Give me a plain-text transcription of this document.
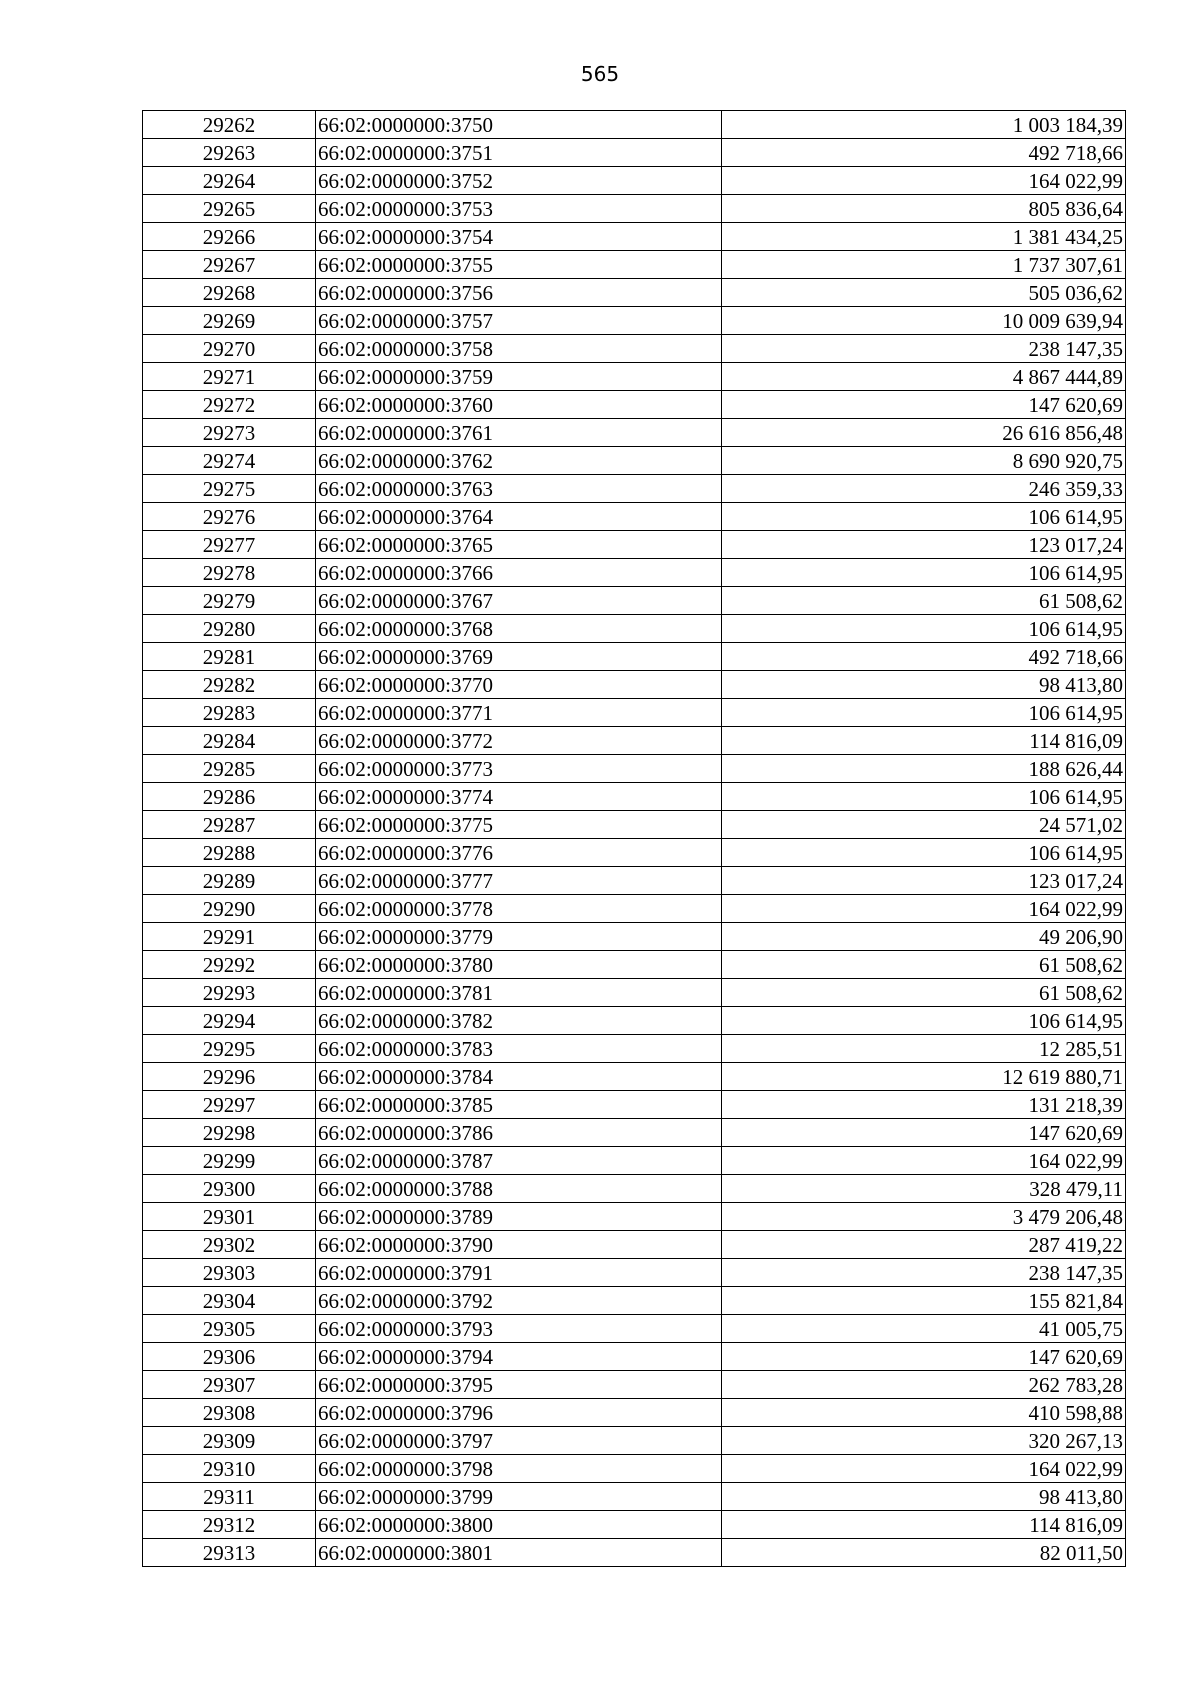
565
29262	66:02:0000000:3750	1 003 184,39
29263	66:02:0000000:3751	492 718,66
29264	66:02:0000000:3752	164 022,99
29265	66:02:0000000:3753	805 836,64
29266	66:02:0000000:3754	1 381 434,25
29267	66:02:0000000:3755	1 737 307,61
29268	66:02:0000000:3756	505 036,62
29269	66:02:0000000:3757	10 009 639,94
29270	66:02:0000000:3758	238 147,35
29271	66:02:0000000:3759	4 867 444,89
29272	66:02:0000000:3760	147 620,69
29273	66:02:0000000:3761	26 616 856,48
29274	66:02:0000000:3762	8 690 920,75
29275	66:02:0000000:3763	246 359,33
29276	66:02:0000000:3764	106 614,95
29277	66:02:0000000:3765	123 017,24
29278	66:02:0000000:3766	106 614,95
29279	66:02:0000000:3767	61 508,62
29280	66:02:0000000:3768	106 614,95
29281	66:02:0000000:3769	492 718,66
29282	66:02:0000000:3770	98 413,80
29283	66:02:0000000:3771	106 614,95
29284	66:02:0000000:3772	114 816,09
29285	66:02:0000000:3773	188 626,44
29286	66:02:0000000:3774	106 614,95
29287	66:02:0000000:3775	24 571,02
29288	66:02:0000000:3776	106 614,95
29289	66:02:0000000:3777	123 017,24
29290	66:02:0000000:3778	164 022,99
29291	66:02:0000000:3779	49 206,90
29292	66:02:0000000:3780	61 508,62
29293	66:02:0000000:3781	61 508,62
29294	66:02:0000000:3782	106 614,95
29295	66:02:0000000:3783	12 285,51
29296	66:02:0000000:3784	12 619 880,71
29297	66:02:0000000:3785	131 218,39
29298	66:02:0000000:3786	147 620,69
29299	66:02:0000000:3787	164 022,99
29300	66:02:0000000:3788	328 479,11
29301	66:02:0000000:3789	3 479 206,48
29302	66:02:0000000:3790	287 419,22
29303	66:02:0000000:3791	238 147,35
29304	66:02:0000000:3792	155 821,84
29305	66:02:0000000:3793	41 005,75
29306	66:02:0000000:3794	147 620,69
29307	66:02:0000000:3795	262 783,28
29308	66:02:0000000:3796	410 598,88
29309	66:02:0000000:3797	320 267,13
29310	66:02:0000000:3798	164 022,99
29311	66:02:0000000:3799	98 413,80
29312	66:02:0000000:3800	114 816,09
29313	66:02:0000000:3801	82 011,50
